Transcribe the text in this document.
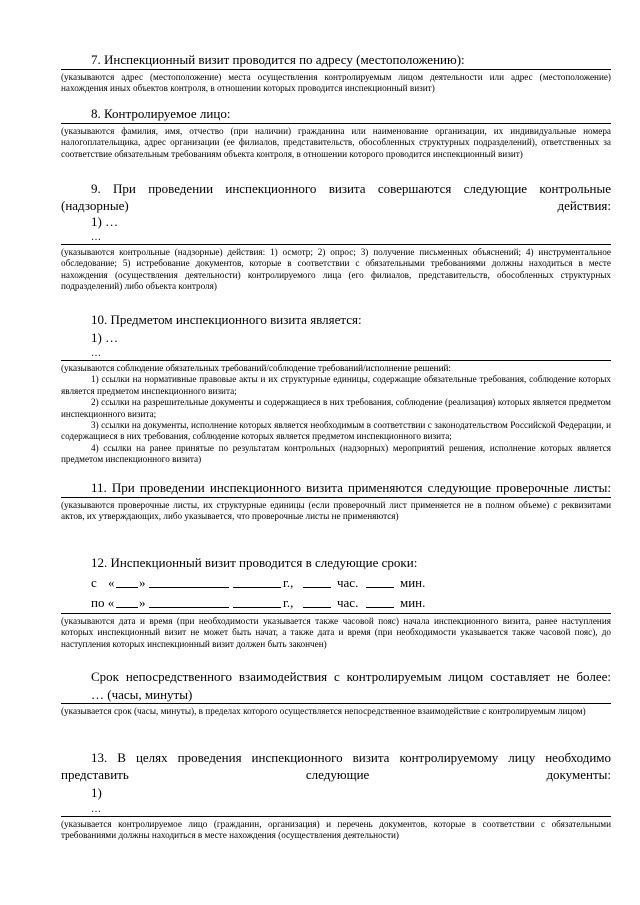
7. Инспекционный визит проводится по адресу (местоположению):
(указываются адрес (местоположение) места осуществления контролируемым лицом деятельности или адрес (местоположение) нахождения иных объектов контроля, в отношении которых проводится инспекционный визит)
8. Контролируемое лицо:
(указываются фамилия, имя, отчество (при наличии) гражданина или наименование организации, их индивидуальные номера налогоплательщика, адрес организации (ее филиалов, представительств, обособленных структурных подразделений), ответственных за соответствие обязательным требованиям объекта контроля, в отношении которого проводится инспекционный визит)
9. При проведении инспекционного визита совершаются следующие контрольные (надзорные) действия:
1) …
…
(указываются контрольные (надзорные) действия: 1) осмотр; 2) опрос; 3) получение письменных объяснений; 4) инструментальное обследование; 5) истребование документов, которые в соответствии с обязательными требованиями должны находиться в месте нахождения (осуществления деятельности) контролируемого лица (его филиалов, представительств, обособленных структурных подразделений) либо объекта контроля)
10. Предметом инспекционного визита является:
1) …
…
(указываются соблюдение обязательных требований/соблюдение требований/исполнение решений:
1) ссылки на нормативные правовые акты и их структурные единицы, содержащие обязательные требования, соблюдение которых является предметом инспекционного визита;
2) ссылки на разрешительные документы и содержащиеся в них требования, соблюдение (реализация) которых является предметом инспекционного визита;
3) ссылки на документы, исполнение которых является необходимым в соответствии с законодательством Российской Федерации, и содержащиеся в них требования, соблюдение которых является предметом инспекционного визита;
4) ссылки на ранее принятые по результатам контрольных (надзорных) мероприятий решения, исполнение которых является предметом инспекционного визита)
11. При проведении инспекционного визита применяются следующие проверочные листы:
(указываются проверочные листы, их структурные единицы (если проверочный лист применяется не в полном объеме) с реквизитами актов, их утверждающих, либо указывается, что проверочные листы не применяются)
12. Инспекционный визит проводится в следующие сроки:
с « »	г.,	час.	мин.
по « »	г.,	час.	мин.
(указываются дата и время (при необходимости указывается также часовой пояс) начала инспекционного визита, ранее наступления которых инспекционный визит не может быть начат, а также дата и время (при необходимости указывается также часовой пояс), до наступления которых инспекционный визит должен быть закончен)
Срок непосредственного взаимодействия с контролируемым лицом составляет не более:
… (часы, минуты)
(указывается срок (часы, минуты), в пределах которого осуществляется непосредственное взаимодействие с контролируемым лицом)
13. В целях проведения инспекционного визита контролируемому лицу необходимо представить следующие документы:
1)
…
(указывается контролируемое лицо (гражданин, организация) и перечень документов, которые в соответствии с обязательными требованиями должны находиться в месте нахождения (осуществления деятельности)
